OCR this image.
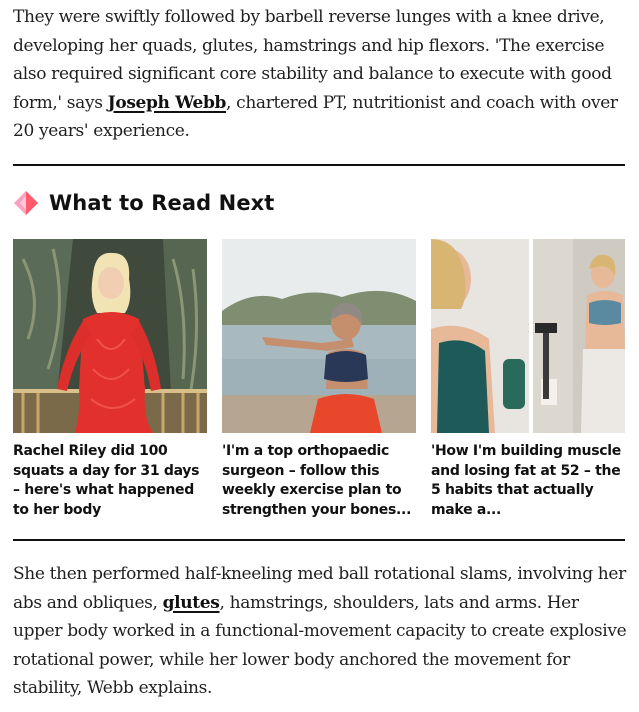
They were swiftly followed by barbell reverse lunges with a knee drive, developing her quads, glutes, hamstrings and hip flexors. 'The exercise also required significant core stability and balance to execute with good form,' says Joseph Webb, chartered PT, nutritionist and coach with over 20 years' experience.

What to Read Next
Rachel Riley did 100 squats a day for 31 days – here's what happened to her body
'I'm a top orthopaedic surgeon – follow this weekly exercise plan to strengthen your bones...
'How I'm building muscle and losing fat at 52 – the 5 habits that actually make a...

She then performed half-kneeling med ball rotational slams, involving her abs and obliques, glutes, hamstrings, shoulders, lats and arms. Her upper body worked in a functional-movement capacity to create explosive rotational power, while her lower body anchored the movement for stability, Webb explains.
